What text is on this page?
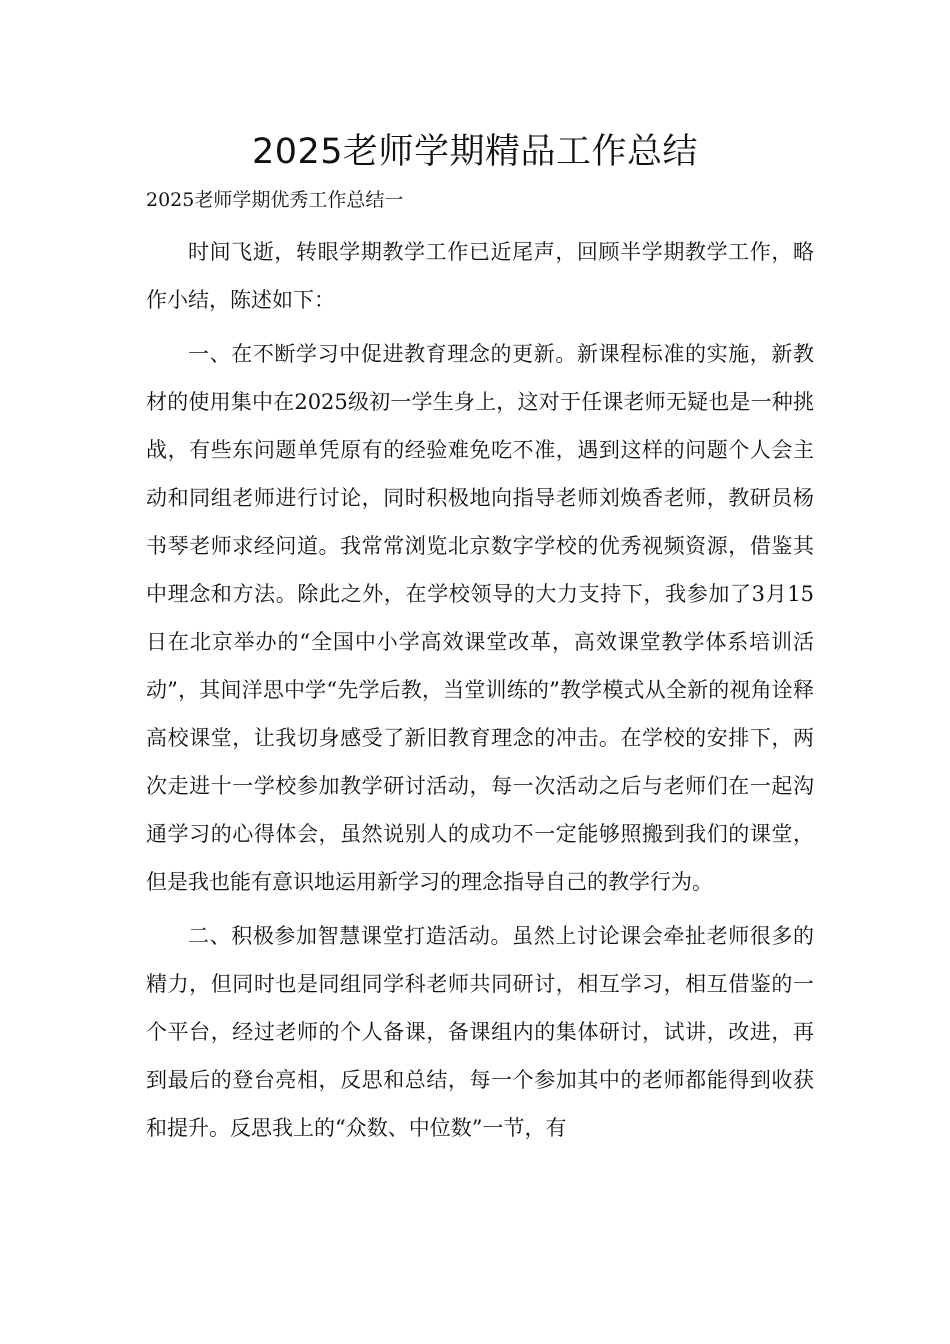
2025老师学期精品工作总结

2025老师学期优秀工作总结一

时间飞逝，转眼学期教学工作已近尾声，回顾半学期教学工作，略作小结，陈述如下：

一、在不断学习中促进教育理念的更新。新课程标准的实施，新教材的使用集中在2025级初一学生身上，这对于任课老师无疑也是一种挑战，有些东问题单凭原有的经验难免吃不准，遇到这样的问题个人会主动和同组老师进行讨论，同时积极地向指导老师刘焕香老师，教研员杨书琴老师求经问道。我常常浏览北京数字学校的优秀视频资源，借鉴其中理念和方法。除此之外，在学校领导的大力支持下，我参加了3月15日在北京举办的“全国中小学高效课堂改革，高效课堂教学体系培训活动”，其间洋思中学“先学后教，当堂训练的”教学模式从全新的视角诠释高校课堂，让我切身感受了新旧教育理念的冲击。在学校的安排下，两次走进十一学校参加教学研讨活动，每一次活动之后与老师们在一起沟通学习的心得体会，虽然说别人的成功不一定能够照搬到我们的课堂，但是我也能有意识地运用新学习的理念指导自己的教学行为。

二、积极参加智慧课堂打造活动。虽然上讨论课会牵扯老师很多的精力，但同时也是同组同学科老师共同研讨，相互学习，相互借鉴的一个平台，经过老师的个人备课，备课组内的集体研讨，试讲，改进，再到最后的登台亮相，反思和总结，每一个参加其中的老师都能得到收获和提升。反思我上的“众数、中位数”一节，有
